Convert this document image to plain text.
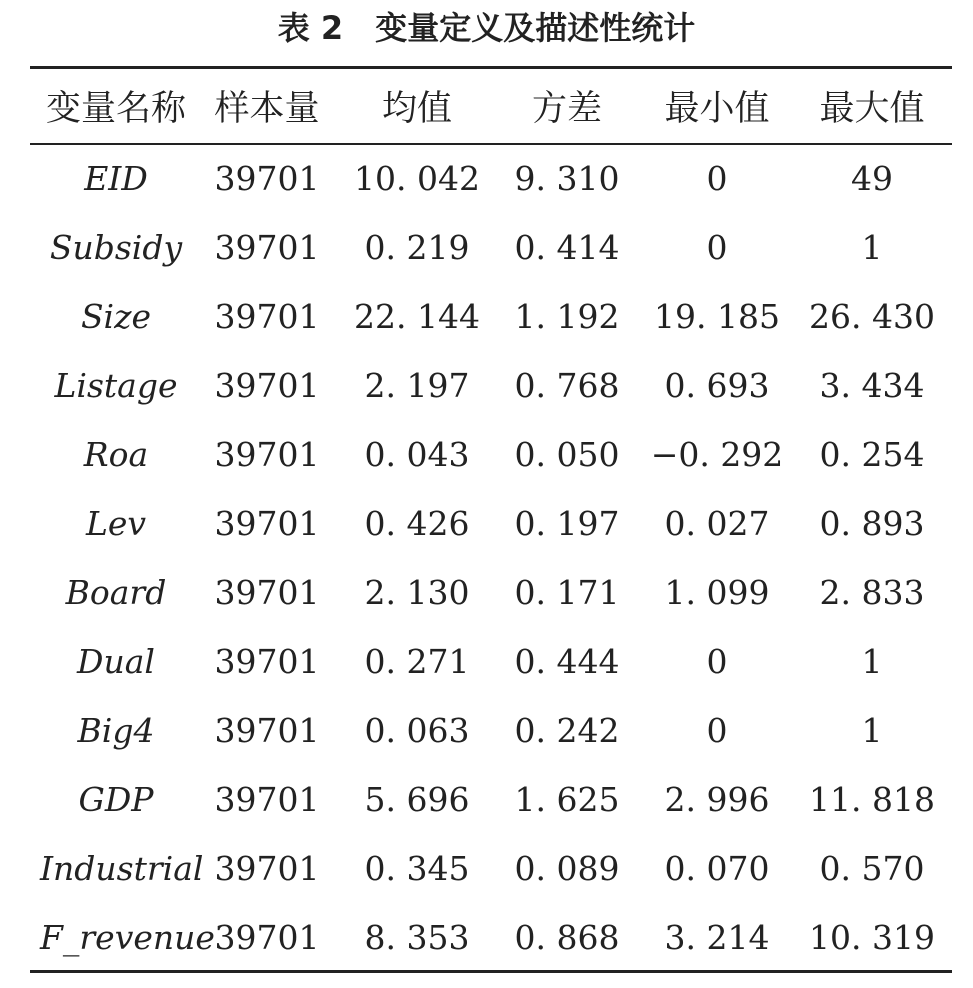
表 2　变量定义及描述性统计
变量名称	样本量	均值	方差	最小值	最大值
EID	39701	10. 042	9. 310	0	49
Subsidy	39701	0. 219	0. 414	0	1
Size	39701	22. 144	1. 192	19. 185	26. 430
Listage	39701	2. 197	0. 768	0. 693	3. 434
Roa	39701	0. 043	0. 050	−0. 292	0. 254
Lev	39701	0. 426	0. 197	0. 027	0. 893
Board	39701	2. 130	0. 171	1. 099	2. 833
Dual	39701	0. 271	0. 444	0	1
Big4	39701	0. 063	0. 242	0	1
GDP	39701	5. 696	1. 625	2. 996	11. 818
Industrial	39701	0. 345	0. 089	0. 070	0. 570
F_revenue	39701	8. 353	0. 868	3. 214	10. 319
